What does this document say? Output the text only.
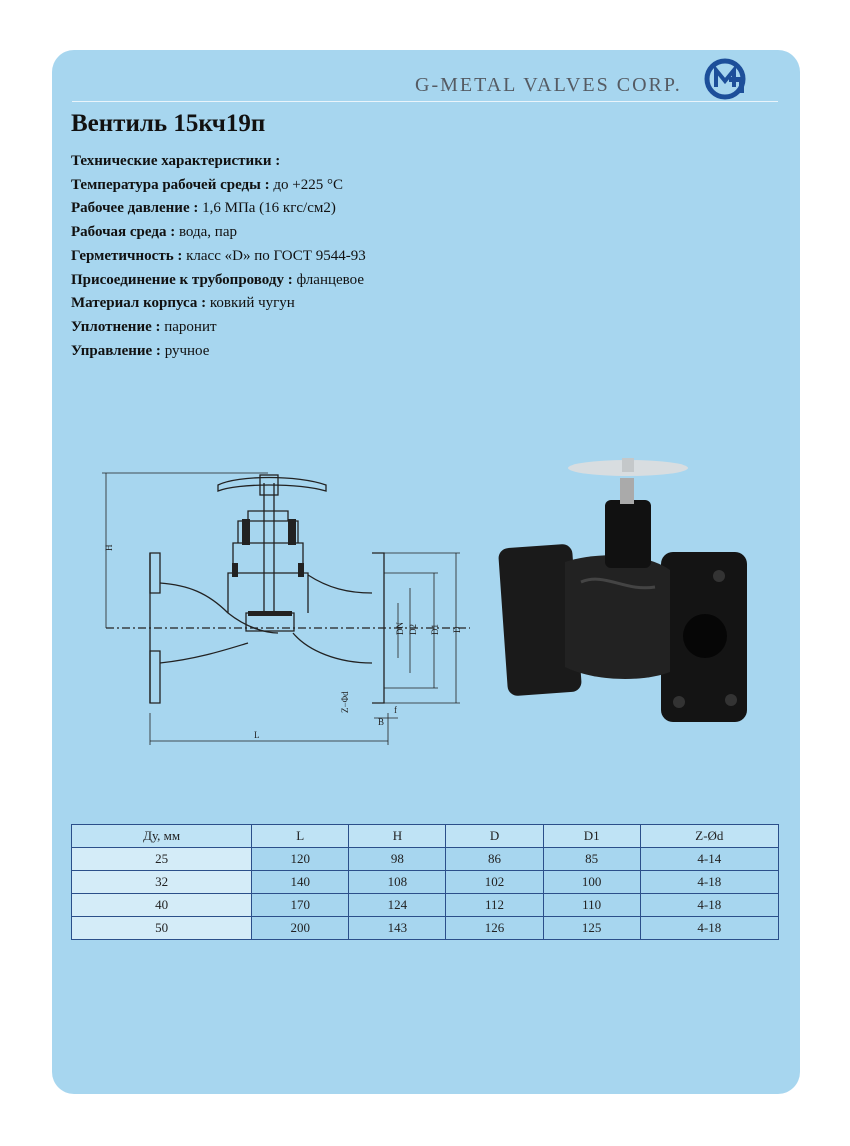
G-METAL VALVES CORP.
Вентиль 15кч19п
Технические характеристики :
Температура рабочей среды : до +225 °С
Рабочее давление : 1,6 МПа (16 кгс/см2)
Рабочая среда : вода, пар
Герметичность : класс «D» по ГОСТ 9544-93
Присоединение к трубопроводу : фланцевое
Материал корпуса : ковкий чугун
Уплотнение : паронит
Управление : ручное
H
L
DN D2 D1 D
Z−Φd
B
f
Ду, мм	L	H	D	D1	Z-Ød
25	120	98	86	85	4-14
32	140	108	102	100	4-18
40	170	124	112	110	4-18
50	200	143	126	125	4-18
